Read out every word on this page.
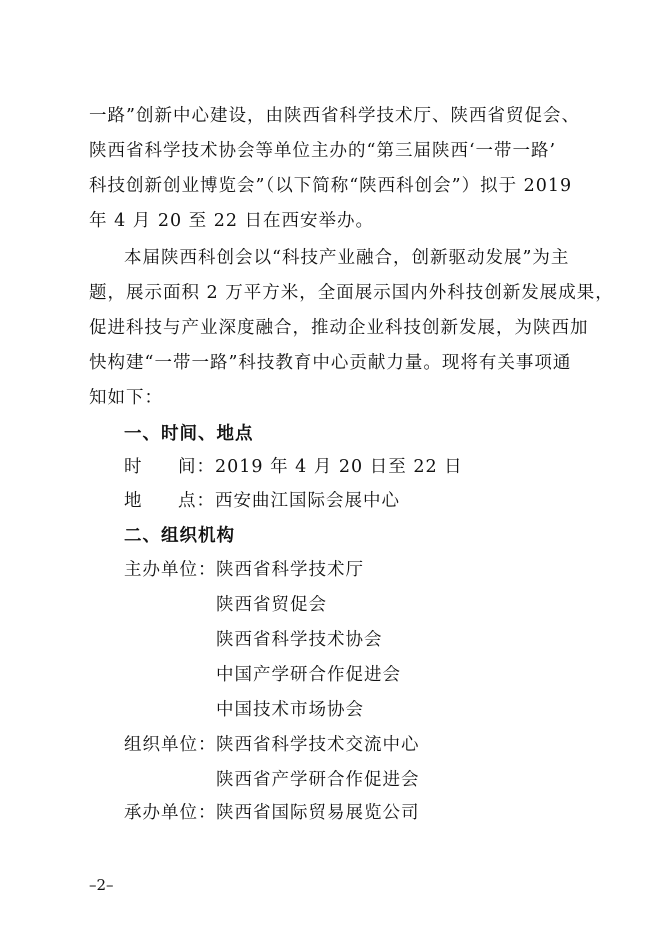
一路”创新中心建设，由陕西省科学技术厅、陕西省贸促会、
陕西省科学技术协会等单位主办的“第三届陕西‘一带一路’
科技创新创业博览会”（以下简称“陕西科创会”）拟于 2019
年 4 月 20 至 22 日在西安举办。
本届陕西科创会以“科技产业融合，创新驱动发展”为主
题，展示面积 2 万平方米，全面展示国内外科技创新发展成果，
促进科技与产业深度融合，推动企业科技创新发展，为陕西加
快构建“一带一路”科技教育中心贡献力量。现将有关事项通
知如下：
一、时间、地点
时 间：2019 年 4 月 20 日至 22 日
地 点：西安曲江国际会展中心
二、组织机构
主办单位：陕西省科学技术厅
陕西省贸促会
陕西省科学技术协会
中国产学研合作促进会
中国技术市场协会
组织单位：陕西省科学技术交流中心
陕西省产学研合作促进会
承办单位：陕西省国际贸易展览公司
–2–
